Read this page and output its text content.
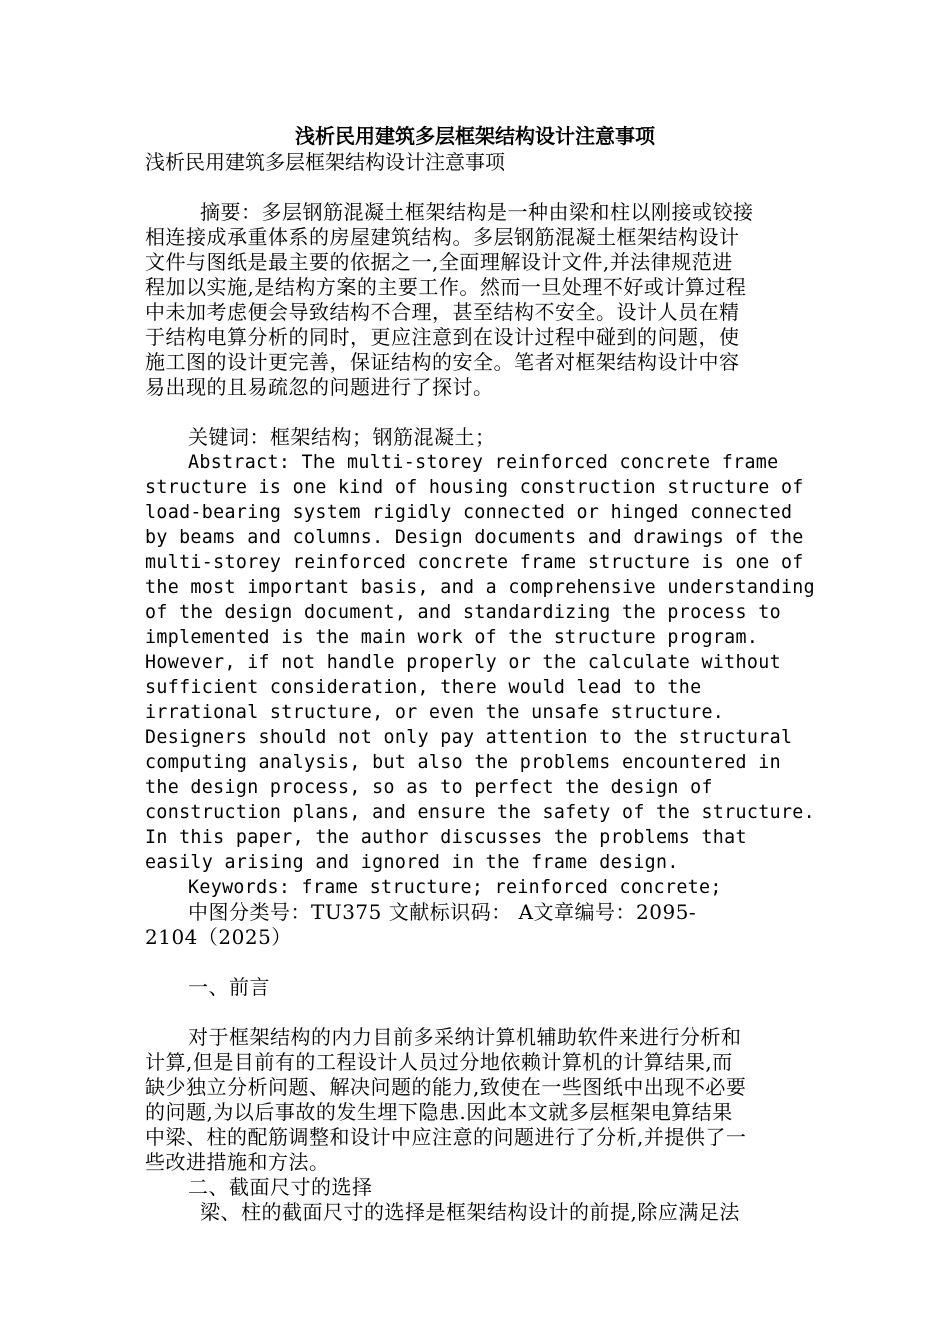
浅析民用建筑多层框架结构设计注意事项
浅析民用建筑多层框架结构设计注意事项
摘要：多层钢筋混凝土框架结构是一种由梁和柱以刚接或铰接
相连接成承重体系的房屋建筑结构。多层钢筋混凝土框架结构设计
文件与图纸是最主要的依据之一,全面理解设计文件,并法律规范进
程加以实施,是结构方案的主要工作。然而一旦处理不好或计算过程
中未加考虑便会导致结构不合理，甚至结构不安全。设计人员在精
于结构电算分析的同时，更应注意到在设计过程中碰到的问题，使
施工图的设计更完善，保证结构的安全。笔者对框架结构设计中容
易出现的且易疏忽的问题进行了探讨。
关键词：框架结构；钢筋混凝土；
Abstract: The multi-storey reinforced concrete frame
structure is one kind of housing construction structure of
load-bearing system rigidly connected or hinged connected
by beams and columns. Design documents and drawings of the
multi-storey reinforced concrete frame structure is one of
the most important basis, and a comprehensive understanding
of the design document, and standardizing the process to
implemented is the main work of the structure program.
However, if not handle properly or the calculate without
sufficient consideration, there would lead to the
irrational structure, or even the unsafe structure.
Designers should not only pay attention to the structural
computing analysis, but also the problems encountered in
the design process, so as to perfect the design of
construction plans, and ensure the safety of the structure.
In this paper, the author discusses the problems that
easily arising and ignored in the frame design.
Keywords: frame structure; reinforced concrete;
中图分类号：TU375 文献标识码： A文章编号：2095-
2104（2025）
一、前言
对于框架结构的内力目前多采纳计算机辅助软件来进行分析和
计算,但是目前有的工程设计人员过分地依赖计算机的计算结果,而
缺少独立分析问题、解决问题的能力,致使在一些图纸中出现不必要
的问题,为以后事故的发生埋下隐患.因此本文就多层框架电算结果
中梁、柱的配筋调整和设计中应注意的问题进行了分析,并提供了一
些改进措施和方法。
二、截面尺寸的选择
梁、柱的截面尺寸的选择是框架结构设计的前提,除应满足法
